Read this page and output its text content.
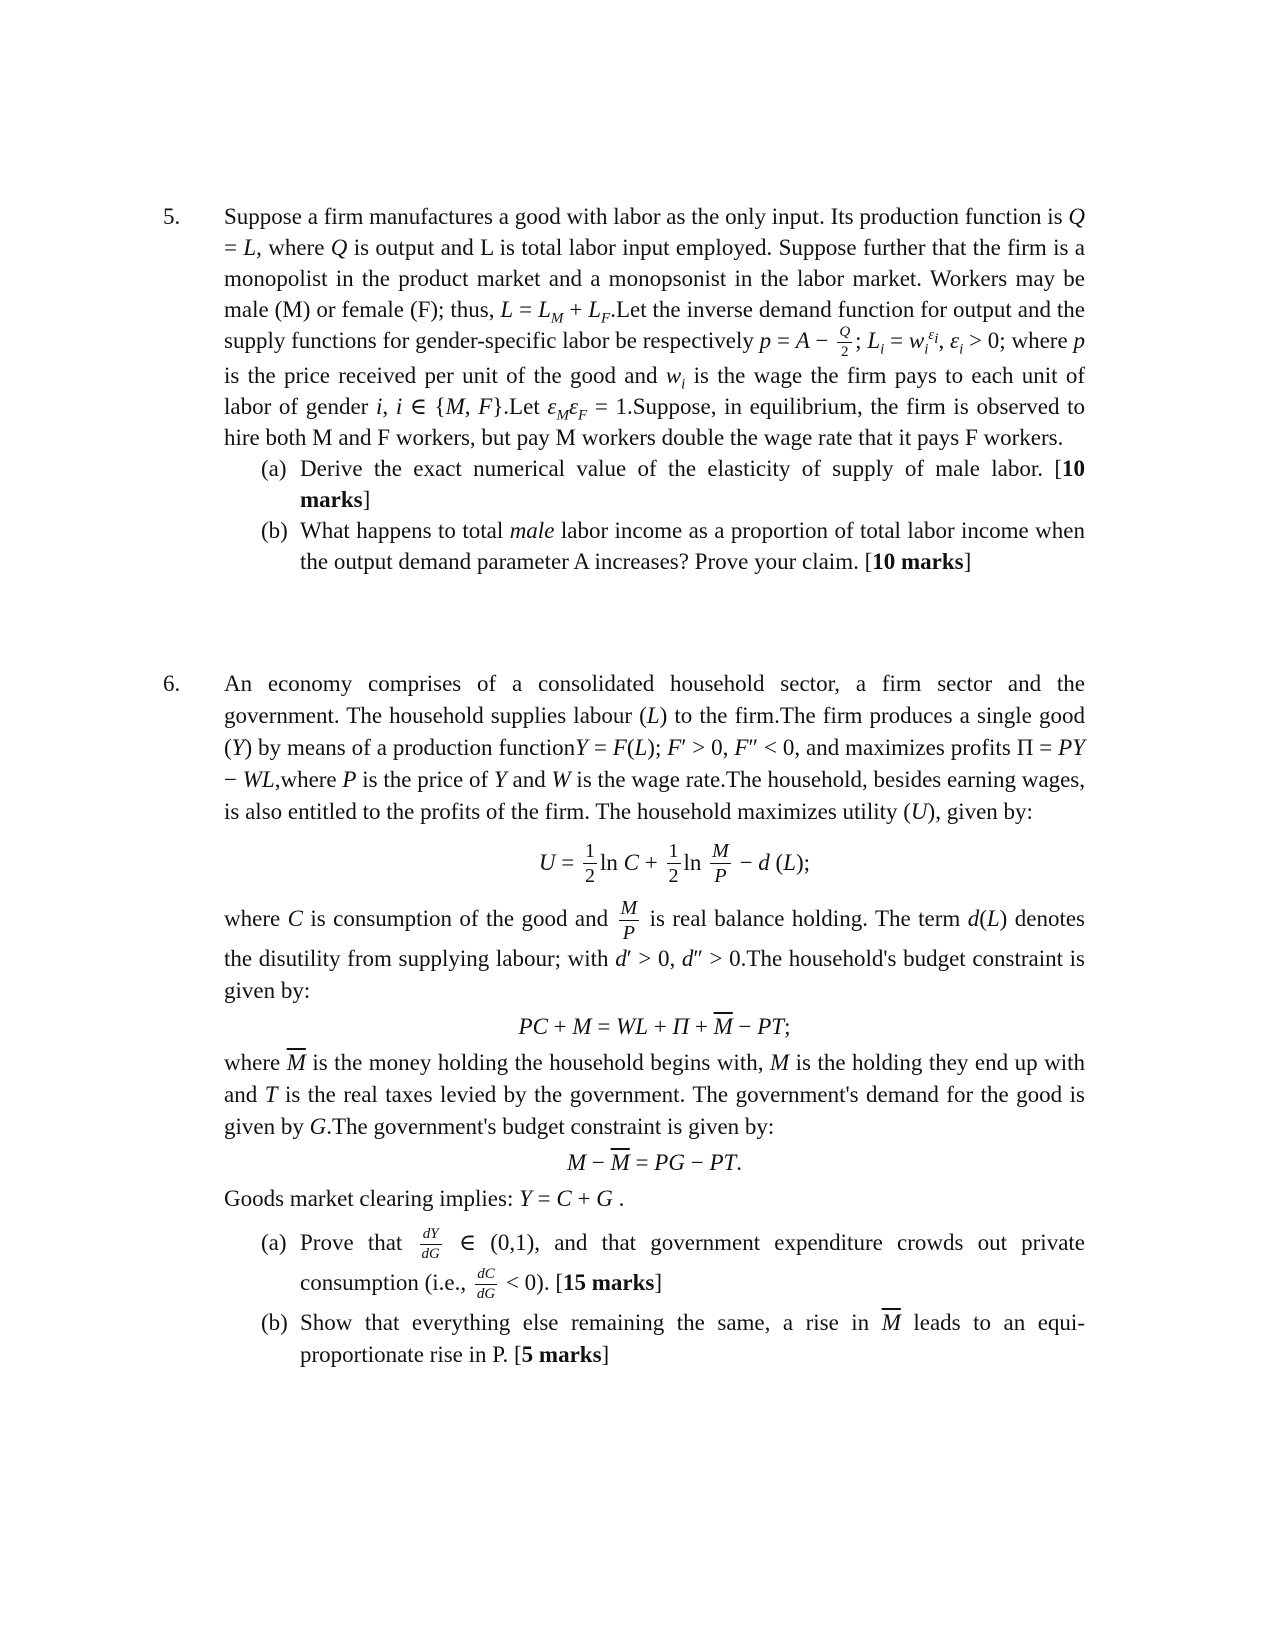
5. Suppose a firm manufactures a good with labor as the only input. Its production function is Q = L, where Q is output and L is total labor input employed. Suppose further that the firm is a monopolist in the product market and a monopsonist in the labor market. Workers may be male (M) or female (F); thus, $L = L_M + L_F.Let$ the inverse demand function for output and the supply functions for gender-specific labor be respectively $p = A - \frac{Q}{2}$ ; $L_i = w_i^{\varepsilon_i}$, $\varepsilon_i > 0$; where p is the price received per unit of the good and $w_i$ is the wage the firm pays to each unit of labor of gender i, i ∈ {M, F}.Let $\varepsilon_M\varepsilon_F$ = 1.Suppose, in equilibrium, the firm is observed to hire both M and F workers, but pay M workers double the wage rate that it pays F workers.

(a) Derive the exact numerical value of the elasticity of supply of male labor. [10 marks]
(b) What happens to total male labor income as a proportion of total labor income when the output demand parameter A increases? Prove your claim. [10 marks]
6. An economy comprises of a consolidated household sector, a firm sector and the government. The household supplies labour (L) to the firm.The firm produces a single good (Y) by means of a production functionY = F(L); F′ > 0, F″ < 0, and maximizes profits Π = PY − WL,where P is the price of Y and W is the wage rate.The household, besides earning wages, is also entitled to the profits of the firm. The household maximizes utility (U), given by:

$U = \frac{1}{2}$ $\ln C + \frac{1}{2}$ $\ln \frac{M}{P} - d$ ( L );

where C is consumption of the good and $\frac{M}{P}$ is real balance holding. The term d(L) denotes the disutility from supplying labour; with d′ > 0, d″ > 0.The household's budget constraint is given by:

PC + M = WL + $\Pi + \overline{M}$ − PT;

where $\overline{M}$ is the money holding the household begins with, M is the holding they end up with and T is the real taxes levied by the government. The government's demand for the good is given by G.The government's budget constraint is given by:

$M - \overline{M}$ = PG − PT.

Goods market clearing implies: Y = C + G .

(a) Prove that $\frac{dY}{dG}$ ∈ (0,1), and that government expenditure crowds out private consumption (i.e., $\frac{dC}{dG} < 0$). [15 marks]
(b) Show that everything else remaining the same, a rise in $\overline{M}$ leads to an equi-proportionate rise in P. [5 marks]
